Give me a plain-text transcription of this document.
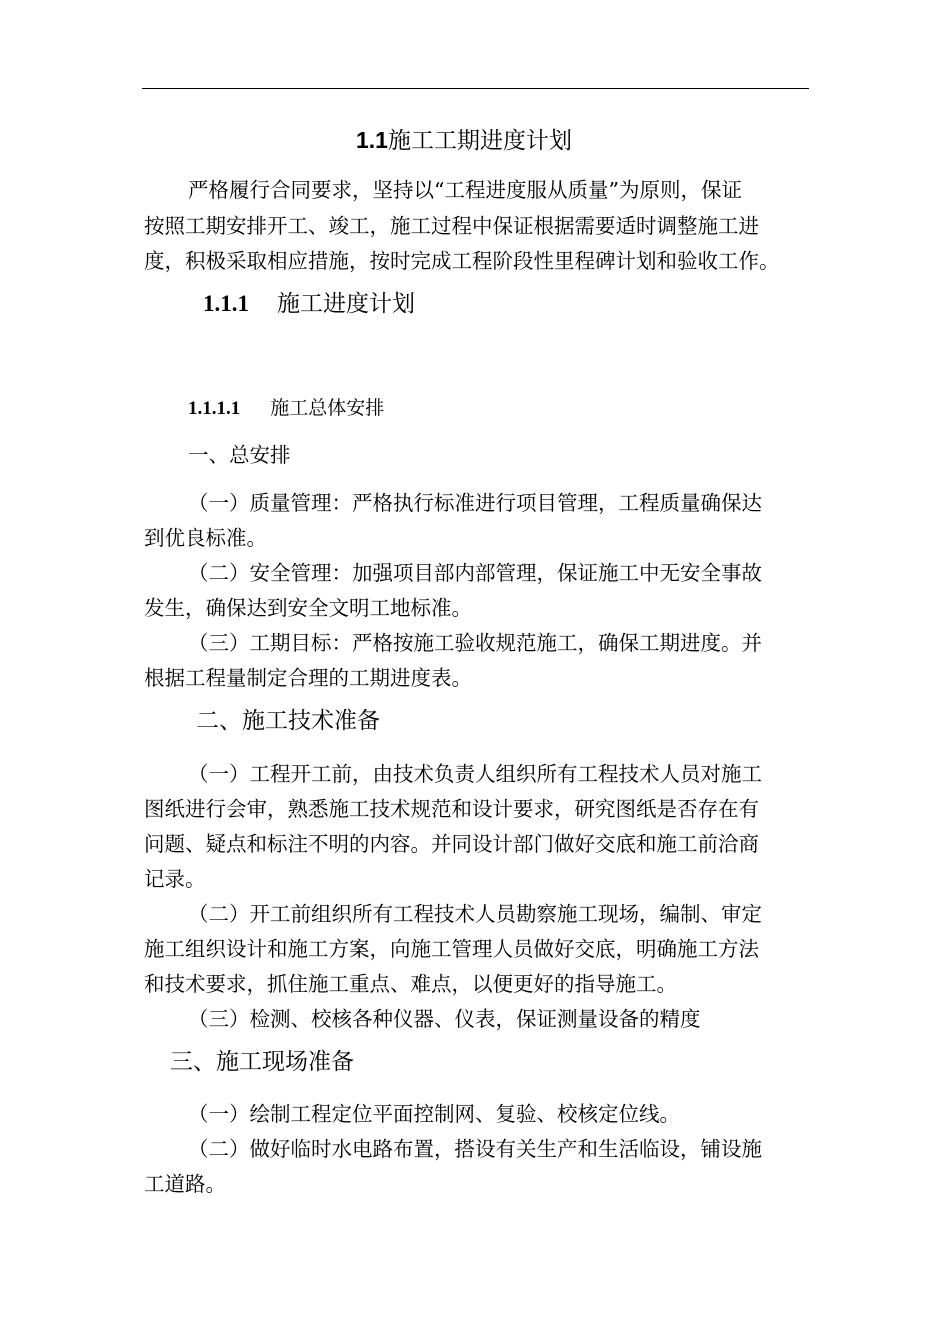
1.1施工工期进度计划
严格履行合同要求，坚持以“工程进度服从质量”为原则，保证
按照工期安排开工、竣工，施工过程中保证根据需要适时调整施工进
度，积极采取相应措施，按时完成工程阶段性里程碑计划和验收工作。
1.1.1 施工进度计划
1.1.1.1 施工总体安排
一、总安排
（一）质量管理：严格执行标准进行项目管理，工程质量确保达
到优良标准。
（二）安全管理：加强项目部内部管理，保证施工中无安全事故
发生，确保达到安全文明工地标准。
（三）工期目标：严格按施工验收规范施工，确保工期进度。并
根据工程量制定合理的工期进度表。
二、施工技术准备
（一）工程开工前，由技术负责人组织所有工程技术人员对施工
图纸进行会审，熟悉施工技术规范和设计要求，研究图纸是否存在有
问题、疑点和标注不明的内容。并同设计部门做好交底和施工前洽商
记录。
（二）开工前组织所有工程技术人员勘察施工现场，编制、审定
施工组织设计和施工方案，向施工管理人员做好交底，明确施工方法
和技术要求，抓住施工重点、难点，以便更好的指导施工。
（三）检测、校核各种仪器、仪表，保证测量设备的精度
三、施工现场准备
（一）绘制工程定位平面控制网、复验、校核定位线。
（二）做好临时水电路布置，搭设有关生产和生活临设，铺设施
工道路。
